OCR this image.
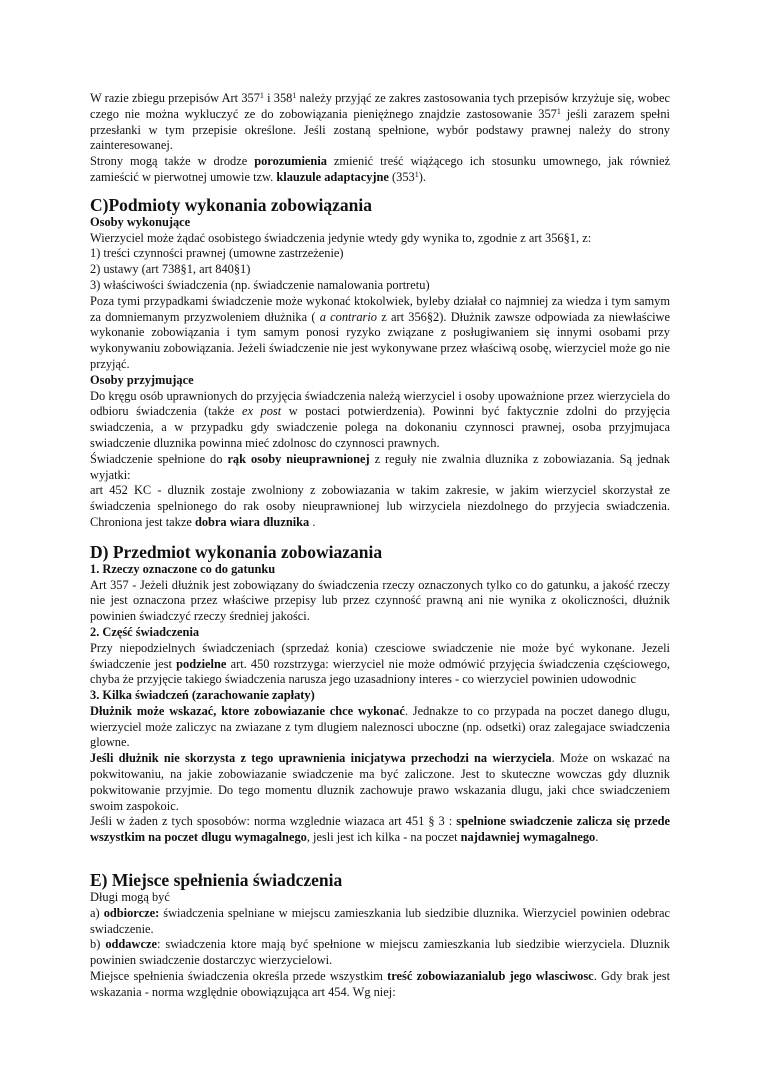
W razie zbiegu przepisów Art $357^1$ i $358^1$ należy przyjąć ze zakres zastosowania tych przepisów krzyżuje się, wobec czego nie można wykluczyć ze do zobowiązania pieniężnego znajdzie zastosowanie $357^1$ jeśli zarazem spełni przesłanki w tym przepisie określone. Jeśli zostaną spełnione, wybór podstawy prawnej należy do strony zainteresowanej.

Strony mogą także w drodze porozumienia zmienić treść wiążącego ich stosunku umownego, jak również zamieścić w pierwotnej umowie tzw. klauzule adaptacyjne $(353^1)$.

C)Podmioty wykonania zobowiązania
Osoby wykonujące

Wierzyciel może żądać osobistego świadczenia jedynie wtedy gdy wynika to, zgodnie z art 356§1, z:

1) treści czynności prawnej (umowne zastrzeżenie)

2) ustawy (art 738§1, art 840§1)

3) właściwości świadczenia (np. świadczenie namalowania portretu)

Poza tymi przypadkami świadczenie może wykonać ktokolwiek, byleby działał co najmniej za wiedza i tym samym za domniemanym przyzwoleniem dłużnika ( a contrario z art 356§2). Dłużnik zawsze odpowiada za niewłaściwe wykonanie zobowiązania i tym samym ponosi ryzyko związane z posługiwaniem się innymi osobami przy wykonywaniu zobowiązania. Jeżeli świadczenie nie jest wykonywane przez właściwą osobę, wierzyciel może go nie przyjąć.

Osoby przyjmujące

Do kręgu osób uprawnionych do przyjęcia świadczenia należą wierzyciel i osoby upoważnione przez wierzyciela do odbioru świadczenia (także ex post w postaci potwierdzenia). Powinni być faktycznie zdolni do przyjęcia swiadczenia, a w przypadku gdy swiadczenie polega na dokonaniu czynnosci prawnej, osoba przyjmujaca swiadczenie dluznika powinna mieć zdolnosc do czynnosci prawnych.

Świadczenie spełnione do rąk osoby nieuprawnionej z reguły nie zwalnia dluznika z zobowiazania. Są jednak wyjatki:

art 452 KC - dluznik zostaje zwolniony z zobowiazania w takim zakresie, w jakim wierzyciel skorzystał ze świadczenia spelnionego do rak osoby nieuprawnionej lub wirzyciela niezdolnego do przyjecia swiadczenia. Chroniona jest takze dobra wiara dluznika .

D) Przedmiot wykonania zobowiazania
1. Rzeczy oznaczone co do gatunku

Art 357 - Jeżeli dłużnik jest zobowiązany do świadczenia rzeczy oznaczonych tylko co do gatunku, a jakość rzeczy nie jest oznaczona przez właściwe przepisy lub przez czynność prawną ani nie wynika z okoliczności, dłużnik powinien świadczyć rzeczy średniej jakości.

2. Część świadczenia

Przy niepodzielnych świadczeniach (sprzedaż konia) czesciowe swiadczenie nie może być wykonane. Jezeli świadczenie jest podzielne art. 450 rozstrzyga: wierzyciel nie może odmówić przyjęcia świadczenia częściowego, chyba że przyjęcie takiego świadczenia narusza jego uzasadniony interes - co wierzyciel powinien udowodnic

3. Kilka świadczeń (zarachowanie zapłaty)

Dłużnik może wskazać, ktore zobowiazanie chce wykonać. Jednakze to co przypada na poczet danego dlugu, wierzyciel może zaliczyc na zwiazane z tym dlugiem naleznosci uboczne (np. odsetki) oraz zalegajace swiadczenia glowne.

Jeśli dłużnik nie skorzysta z tego uprawnienia inicjatywa przechodzi na wierzyciela. Może on wskazać na pokwitowaniu, na jakie zobowiazanie swiadczenie ma być zaliczone. Jest to skuteczne wowczas gdy dluznik pokwitowanie przyjmie. Do tego momentu dluznik zachowuje prawo wskazania dlugu, jaki chce swiadczeniem swoim zaspokoic.

Jeśli w żaden z tych sposobów: norma wzglednie wiazaca art 451 § 3 : spelnione swiadczenie zalicza się przede wszystkim na poczet dlugu wymagalnego, jesli jest ich kilka - na poczet najdawniej wymagalnego.

E) Miejsce spełnienia świadczenia

Długi mogą być

a) odbiorcze: świadczenia spelniane w miejscu zamieszkania lub siedzibie dluznika. Wierzyciel powinien odebrac swiadczenie.

b) oddawcze: swiadczenia ktore mają być spełnione w miejscu zamieszkania lub siedzibie wierzyciela. Dluznik powinien swiadczenie dostarczyc wierzycielowi.

Miejsce spełnienia świadczenia określa przede wszystkim treść zobowiazanialub jego wlasciwosc. Gdy brak jest wskazania - norma względnie obowiązująca art 454. Wg niej:
